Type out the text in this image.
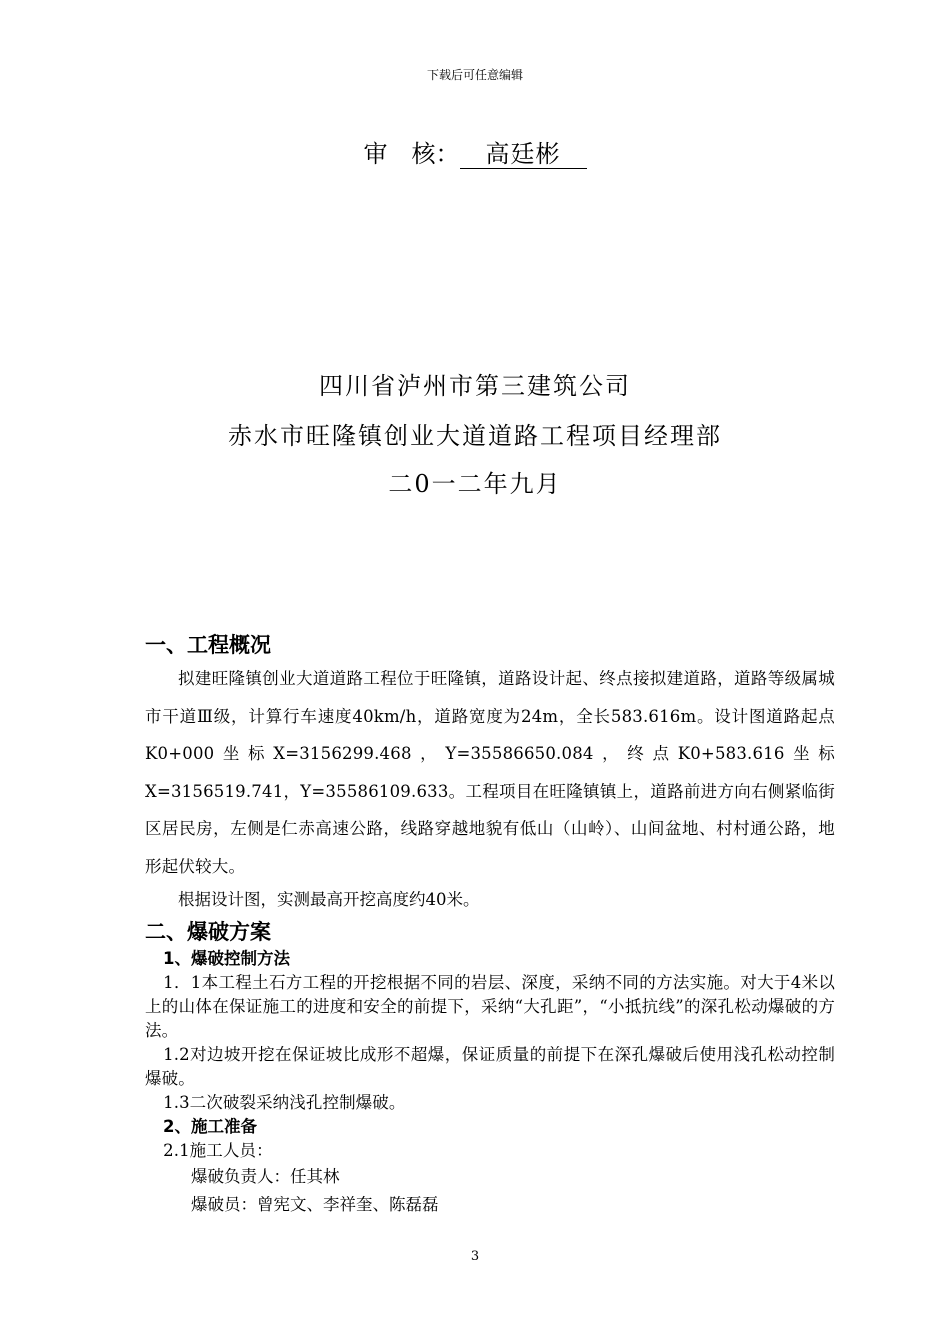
下载后可任意编辑
审　核： 高廷彬
四川省泸州市第三建筑公司
赤水市旺隆镇创业大道道路工程项目经理部
二0一二年九月
一、工程概况

拟建旺隆镇创业大道道路工程位于旺隆镇，道路设计起、终点接拟建道路，道路等级属城市干道Ⅲ级，计算行车速度40km/h，道路宽度为24m，全长583.616m。设计图道路起点K0+000坐标X=3156299.468，Y=35586650.084，终点K0+583.616坐标X=3156519.741，Y=35586109.633。工程项目在旺隆镇镇上，道路前进方向右侧紧临街区居民房，左侧是仁赤高速公路，线路穿越地貌有低山（山岭）、山间盆地、村村通公路，地形起伏较大。

根据设计图，实测最高开挖高度约40米。

二、爆破方案
1、爆破控制方法

1．1本工程土石方工程的开挖根据不同的岩层、深度，采纳不同的方法实施。对大于4米以上的山体在保证施工的进度和安全的前提下，采纳“大孔距”，“小抵抗线”的深孔松动爆破的方法。

1.2对边坡开挖在保证坡比成形不超爆，保证质量的前提下在深孔爆破后使用浅孔松动控制爆破。

1.3二次破裂采纳浅孔控制爆破。

2、施工准备

2.1施工人员：

爆破负责人：任其林

爆破员：曾宪文、李祥奎、陈磊磊

3
